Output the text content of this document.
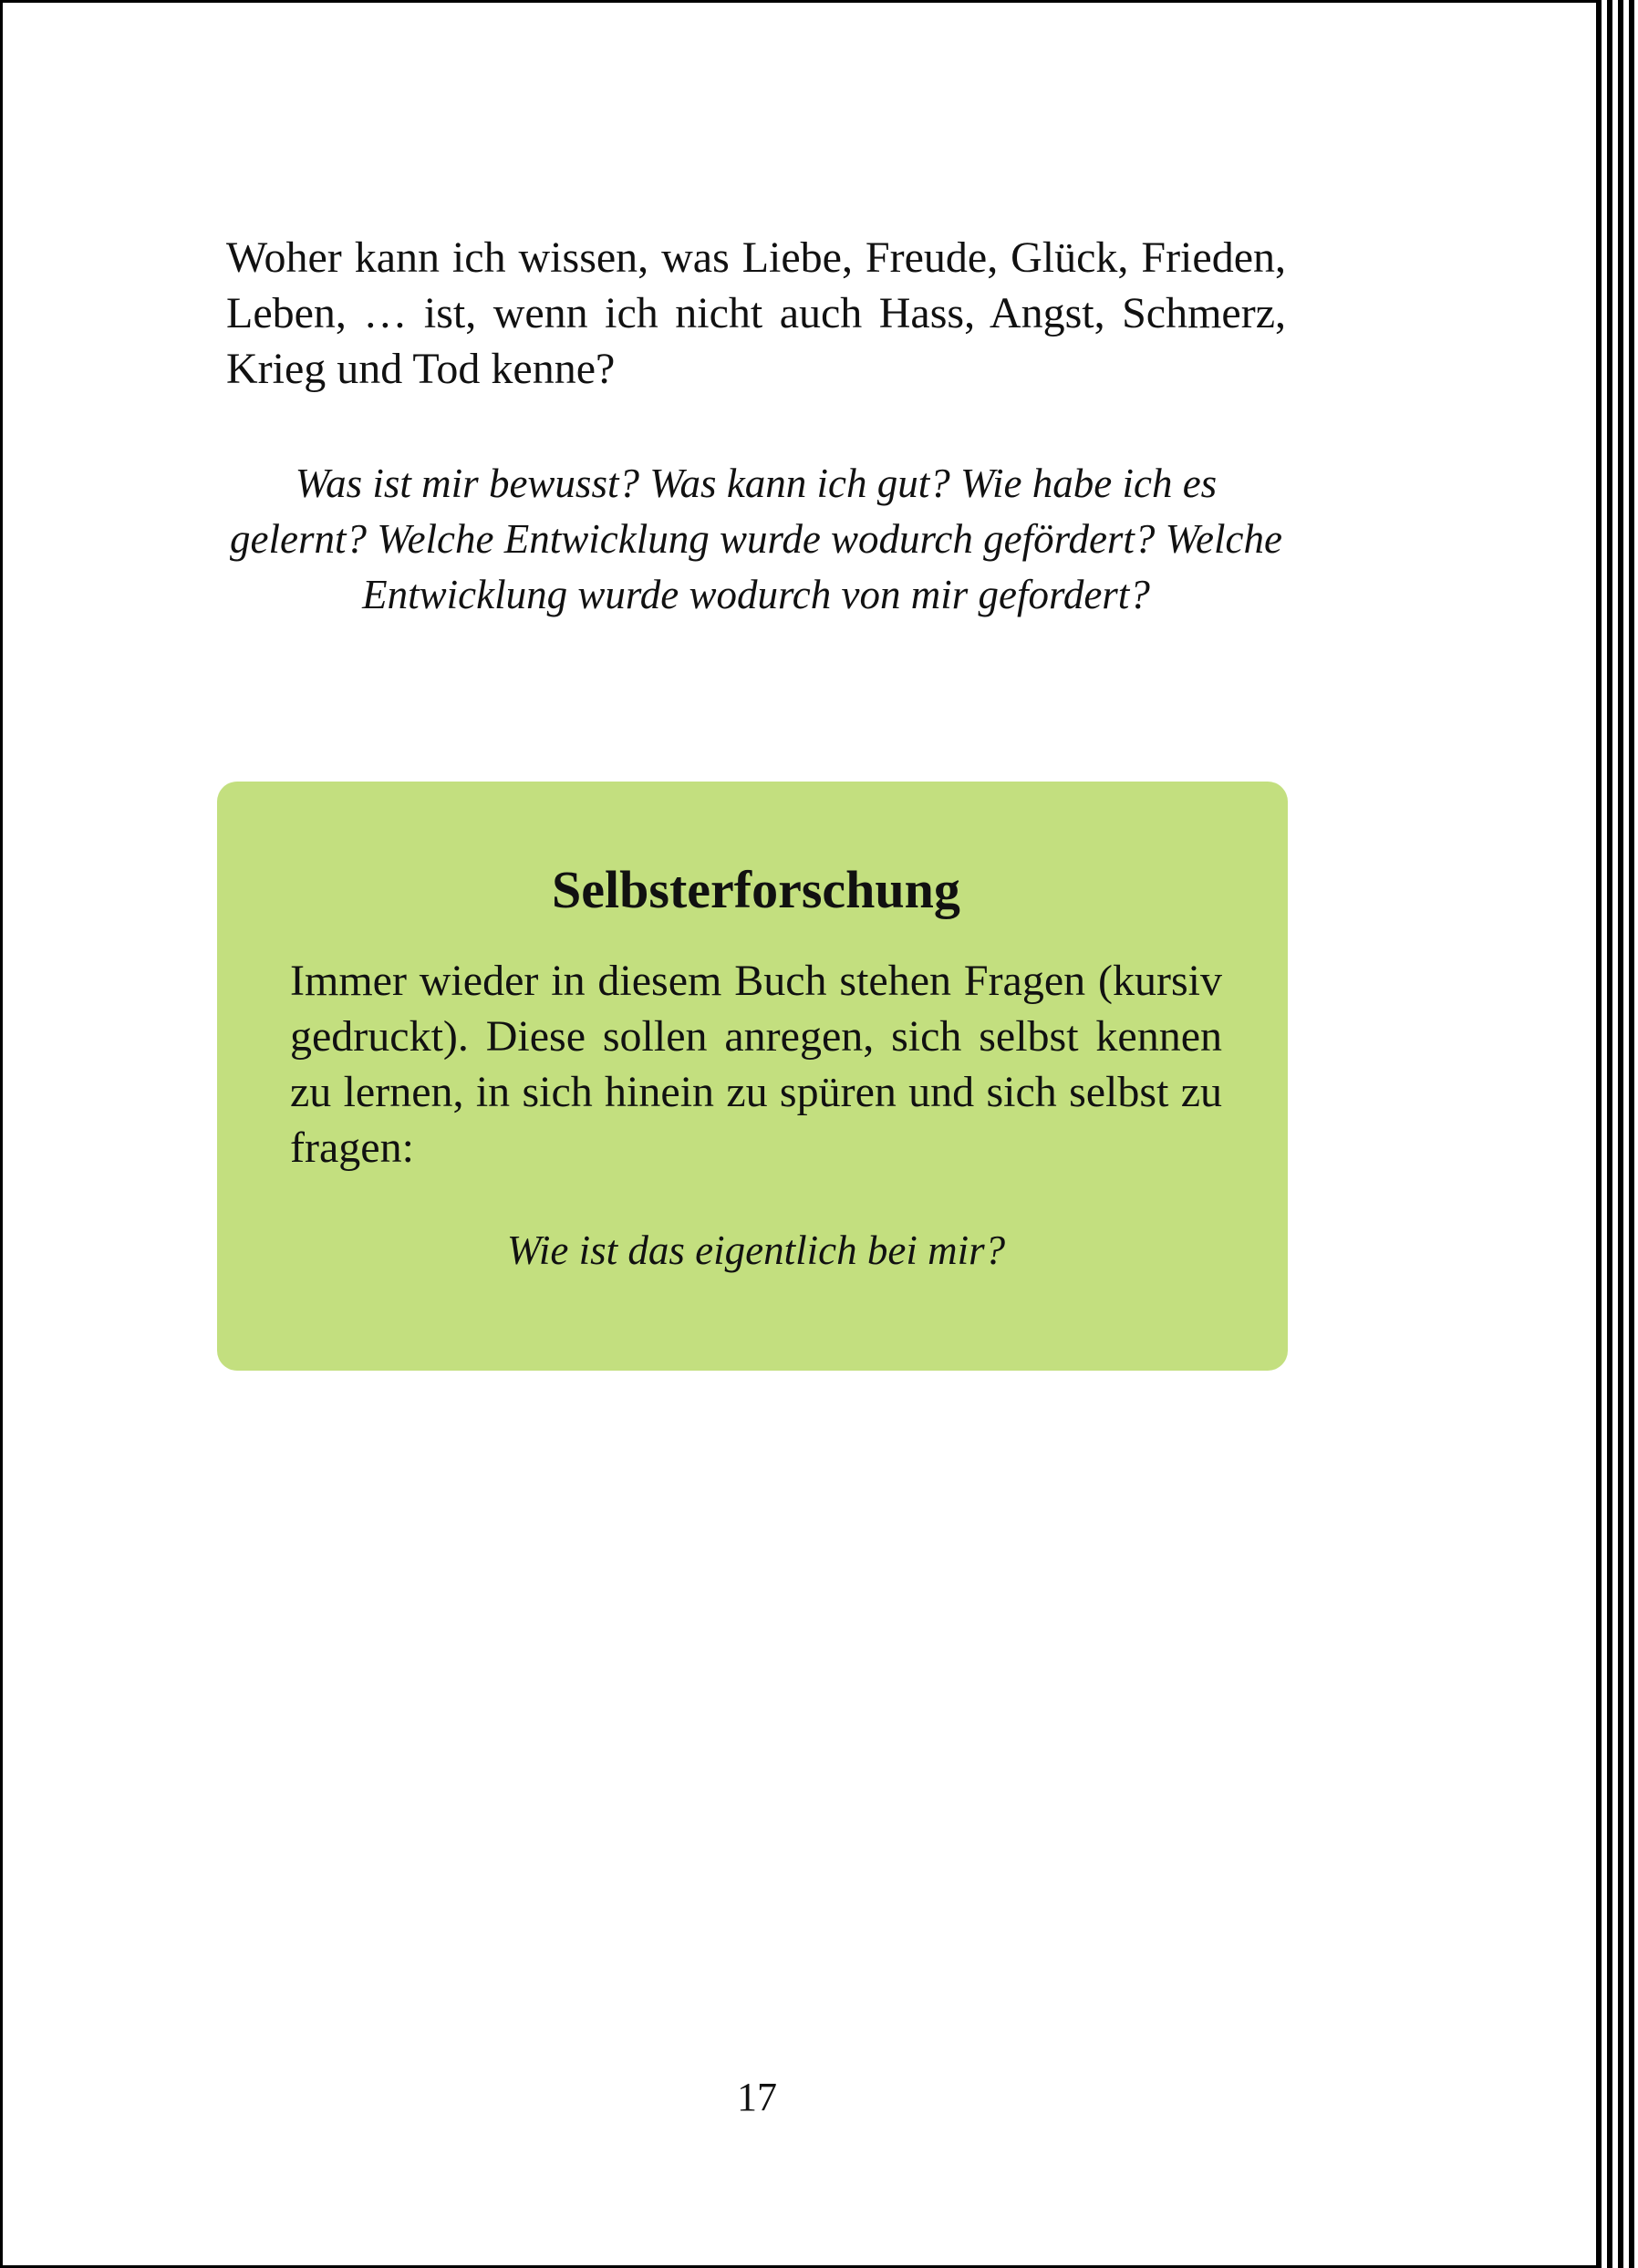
Woher kann ich wissen, was Liebe, Freude, Glück, Frieden, Leben, … ist, wenn ich nicht auch Hass, Angst, Schmerz, Krieg und Tod kenne?

Was ist mir bewusst? Was kann ich gut? Wie habe ich es gelernt? Welche Entwicklung wurde wodurch gefördert? Welche Entwicklung wurde wodurch von mir gefordert?

Selbsterforschung

Immer wieder in diesem Buch stehen Fragen (kursiv gedruckt). Diese sollen anregen, sich selbst kennen zu lernen, in sich hinein zu spüren und sich selbst zu fragen:

Wie ist das eigentlich bei mir?

17
